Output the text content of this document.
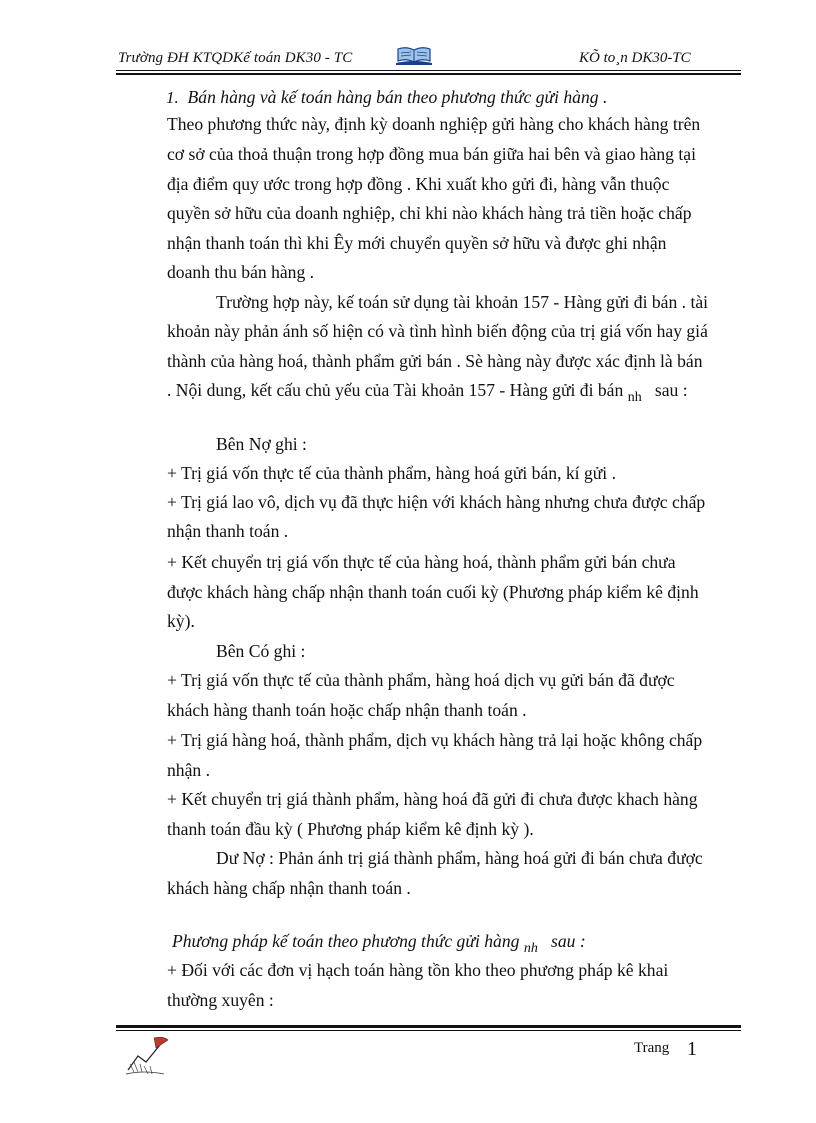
Trường ĐH KTQDKế toán DK30 - TC	KÕ to¸n DK30-TC
1. Bán hàng và kế toán hàng bán theo phương thức gửi hàng .
Theo phương thức này, định kỳ doanh nghiệp gửi hàng cho khách hàng trên
cơ sở của thoả thuận trong hợp đồng mua bán giữa hai bên và giao hàng tại
địa điểm quy ước trong hợp đồng . Khi xuất kho gửi đi, hàng vẫn thuộc
quyền sở hữu của doanh nghiệp, chỉ khi nào khách hàng trả tiền hoặc chấp
nhận thanh toán thì khi Êy mới chuyển quyền sở hữu và được ghi nhận
doanh thu bán hàng .
Trường hợp này, kế toán sử dụng tài khoản 157 - Hàng gửi đi bán . tài
khoản này phản ánh số hiện có và tình hình biến động của trị giá vốn hay giá
thành của hàng hoá, thành phẩm gửi bán . Sè hàng này được xác định là bán
. Nội dung, kết cấu chủ yếu của Tài khoản 157 - Hàng gửi đi bán $_{nh}$ sau :
Bên Nợ ghi :
+ Trị giá vốn thực tế của thành phẩm, hàng hoá gửi bán, kí gửi .
+ Trị giá lao vô, dịch vụ đã thực hiện với khách hàng nhưng chưa được chấp
nhận thanh toán .
+ Kết chuyển trị giá vốn thực tế của hàng hoá, thành phẩm gửi bán chưa
được khách hàng chấp nhận thanh toán cuối kỳ (Phương pháp kiểm kê định
kỳ).
Bên Có ghi :
+ Trị giá vốn thực tế của thành phẩm, hàng hoá dịch vụ gửi bán đã được
khách hàng thanh toán hoặc chấp nhận thanh toán .
+ Trị giá hàng hoá, thành phẩm, dịch vụ khách hàng trả lại hoặc không chấp
nhận .
+ Kết chuyển trị giá thành phẩm, hàng hoá đã gửi đi chưa được khach hàng
thanh toán đầu kỳ ( Phương pháp kiểm kê định kỳ ).
Dư Nợ : Phản ánh trị giá thành phẩm, hàng hoá gửi đi bán chưa được
khách hàng chấp nhận thanh toán .
Phương pháp kế toán theo phương thức gửi hàng $_{nh}$ sau :
+ Đối với các đơn vị hạch toán hàng tồn kho theo phương pháp kê khai
thường xuyên :
Trang 1
